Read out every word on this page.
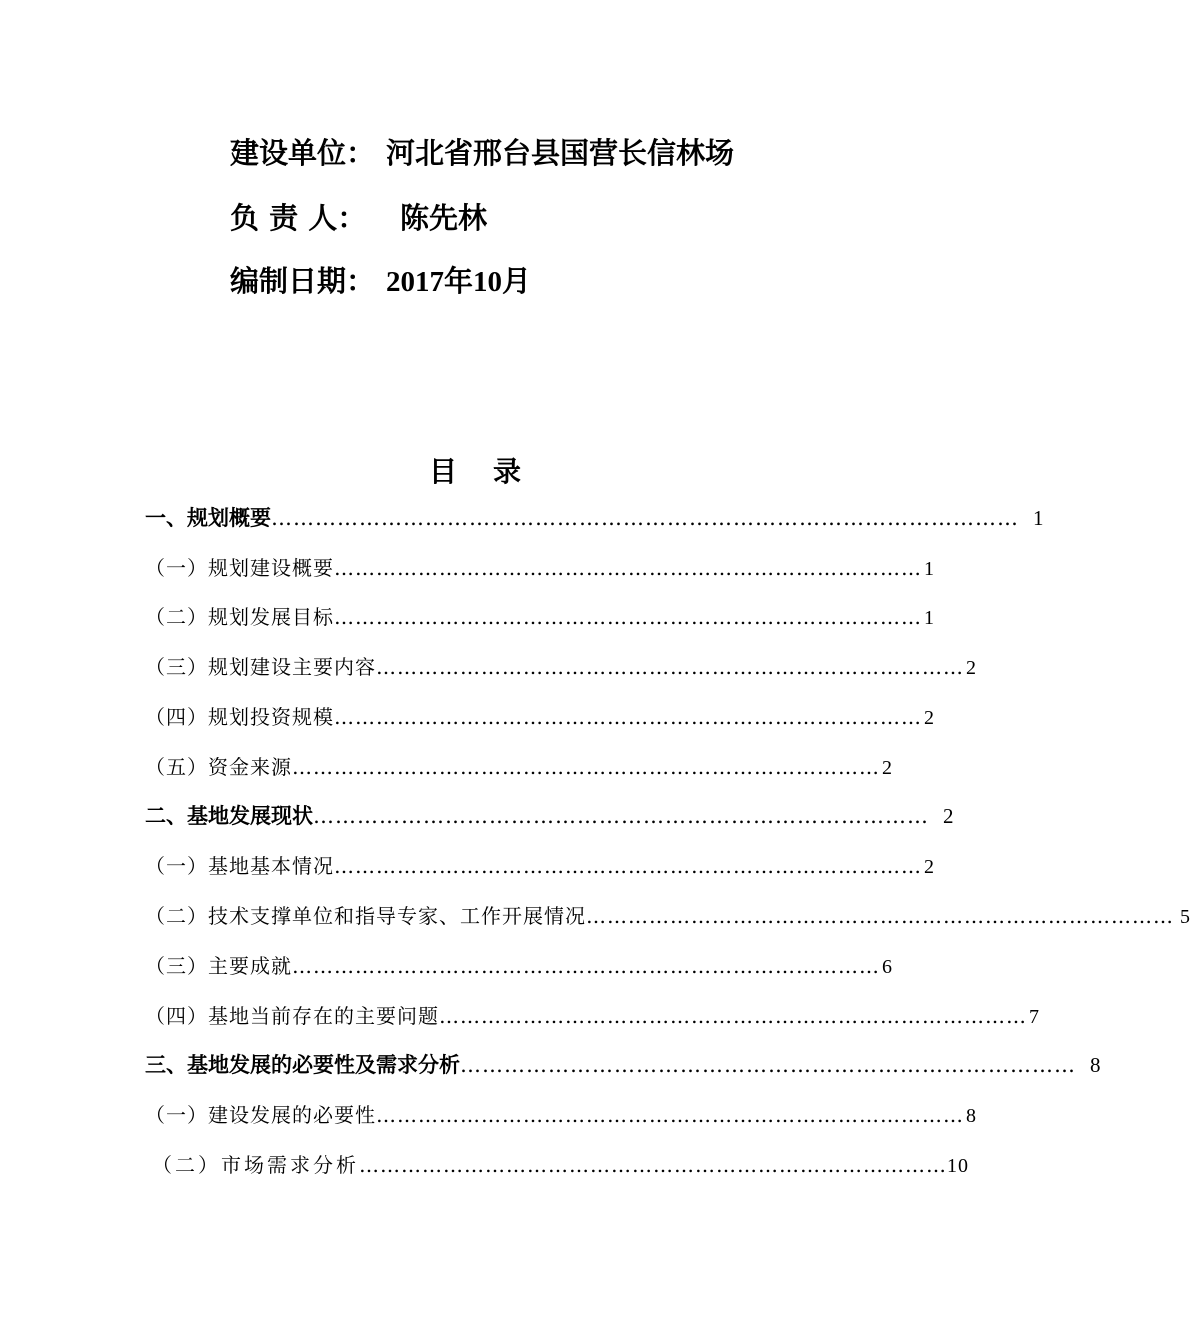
建设单位： 河北省邢台县国营长信林场
负 责 人： 陈先林
编制日期： 2017年10月
目录
一、规划概要 ………………………………………………………………………………………… 1
（一）规划建设概要 ………………………………………………………………………… 1
（二）规划发展目标 ………………………………………………………………………… 1
（三）规划建设主要内容 ………………………………………………………………………… 2
（四）规划投资规模 ………………………………………………………………………… 2
（五）资金来源 ………………………………………………………………………… 2
二、基地发展现状 ………………………………………………………………………… 2
（一）基地基本情况 ………………………………………………………………………… 2
（二）技术支撑单位和指导专家、工作开展情况 ………………………………………………………………………… 5
（三）主要成就 ………………………………………………………………………… 6
（四）基地当前存在的主要问题 ………………………………………………………………………… 7
三、基地发展的必要性及需求分析 ………………………………………………………………………… 8
（一）建设发展的必要性 ………………………………………………………………………… 8
（二）市场需求分析 ………………………………………………………………………… 10
